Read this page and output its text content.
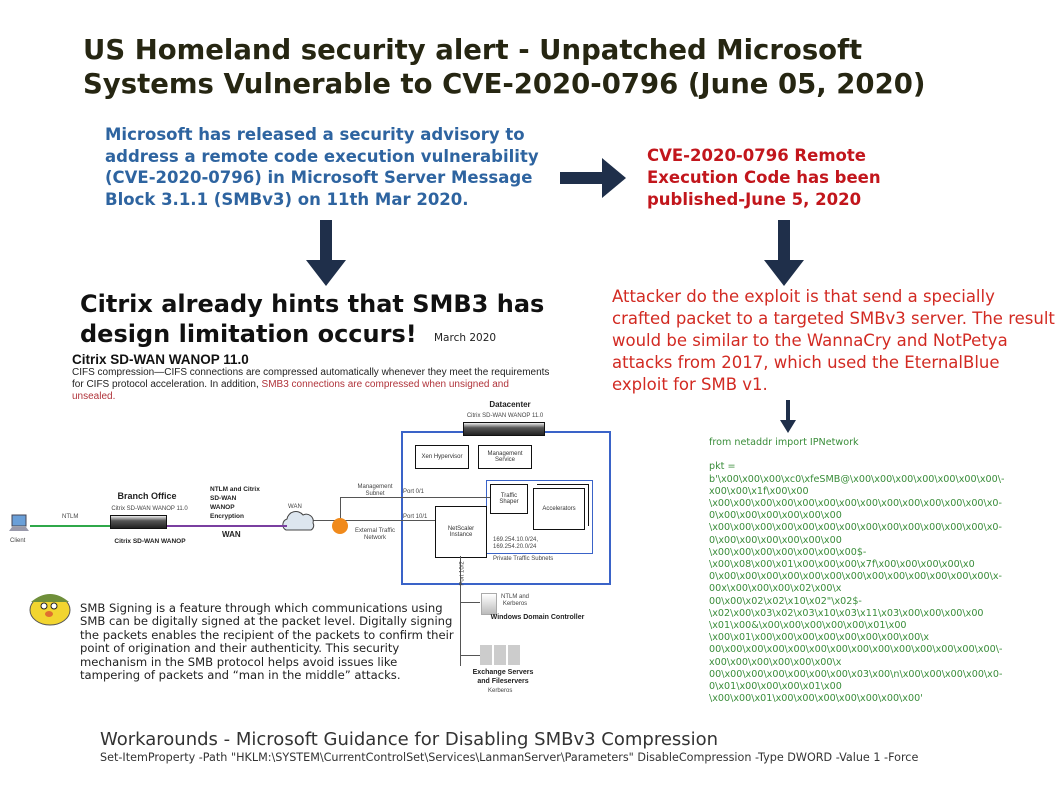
US Homeland security alert - Unpatched Microsoft
Systems Vulnerable to CVE-2020-0796 (June 05, 2020)
Microsoft has released a security advisory to address a remote code execution vulnerability (CVE-2020-0796) in Microsoft Server Message Block 3.1.1 (SMBv3) on 11th Mar 2020.
CVE-2020-0796 Remote Execution Code has been published-June 5, 2020
Citrix already hints that SMB3 has design limitation occurs!	March 2020
Citrix SD-WAN WANOP 11.0
CIFS compression—CIFS connections are compressed automatically whenever they meet the requirements for CIFS protocol acceleration. In addition, SMB3 connections are compressed when unsigned and unsealed.
Attacker do the exploit is that send a specially crafted packet to a targeted SMBv3 server. The result would be similar to the WannaCry and NotPetya attacks from 2017, which used the EternalBlue exploit for SMB v1.
from netaddr import IPNetwork
pkt =
b'\x00\x00\x00\xc0\xfeSMB@\x00\x00\x00\x00\x00\x00\x00\-
x00\x00\x1f\x00\x00
\x00\x00\x00\x00\x00\x00\x00\x00\x00\x00\x00\x00\x00\x0-
0\x00\x00\x00\x00\x00\x00
\x00\x00\x00\x00\x00\x00\x00\x00\x00\x00\x00\x00\x00\x0-
0\x00\x00\x00\x00\x00\x00
\x00\x00\x00\x00\x00\x00\x00$-
\x00\x08\x00\x01\x00\x00\x00\x7f\x00\x00\x00\x00\x0
0\x00\x00\x00\x00\x00\x00\x00\x00\x00\x00\x00\x00\x00\x-
00x\x00\x00\x00\x02\x00\x
00\x00\x02\x02\x10\x02"\x02$-
\x02\x00\x03\x02\x03\x10\x03\x11\x03\x00\x00\x00\x00
\x01\x00&\x00\x00\x00\x00\x00\x01\x00
\x00\x01\x00\x00\x00\x00\x00\x00\x00\x00\x
00\x00\x00\x00\x00\x00\x00\x00\x00\x00\x00\x00\x00\x00\-
x00\x00\x00\x00\x00\x00\x
00\x00\x00\x00\x00\x00\x00\x03\x00\n\x00\x00\x00\x00\x0-
0\x01\x00\x00\x00\x01\x00
\x00\x00\x01\x00\x00\x00\x00\x00\x00\x00'
Datacenter
Citrix SD-WAN WANOP 11.0
Xen Hypervisor	Management Service
Traffic Shaper
Accelerators
NetScaler Instance
Management Subnet	Port 0/1
Port 10/1
Port 10/2
External Traffic Network	169.254.10.0/24, 169.254.20.0/24
Private Traffic Subnets
WAN
NTLM and Citrix SD-WAN WANOP Encryption
WAN
Branch Office
Citrix SD-WAN WANOP 11.0
Citrix SD-WAN WANOP
NTLM
Client
NTLM and Kerberos
Windows Domain Controller
Exchange Servers and Fileservers
Kerberos
SMB Signing is a feature through which communications using SMB can be digitally signed at the packet level. Digitally signing the packets enables the recipient of the packets to confirm their point of origination and their authenticity. This security mechanism in the SMB protocol helps avoid issues like tampering of packets and “man in the middle” attacks.
Workarounds - Microsoft Guidance for Disabling SMBv3 Compression
Set-ItemProperty -Path "HKLM:\SYSTEM\CurrentControlSet\Services\LanmanServer\Parameters" DisableCompression -Type DWORD -Value 1 -Force
